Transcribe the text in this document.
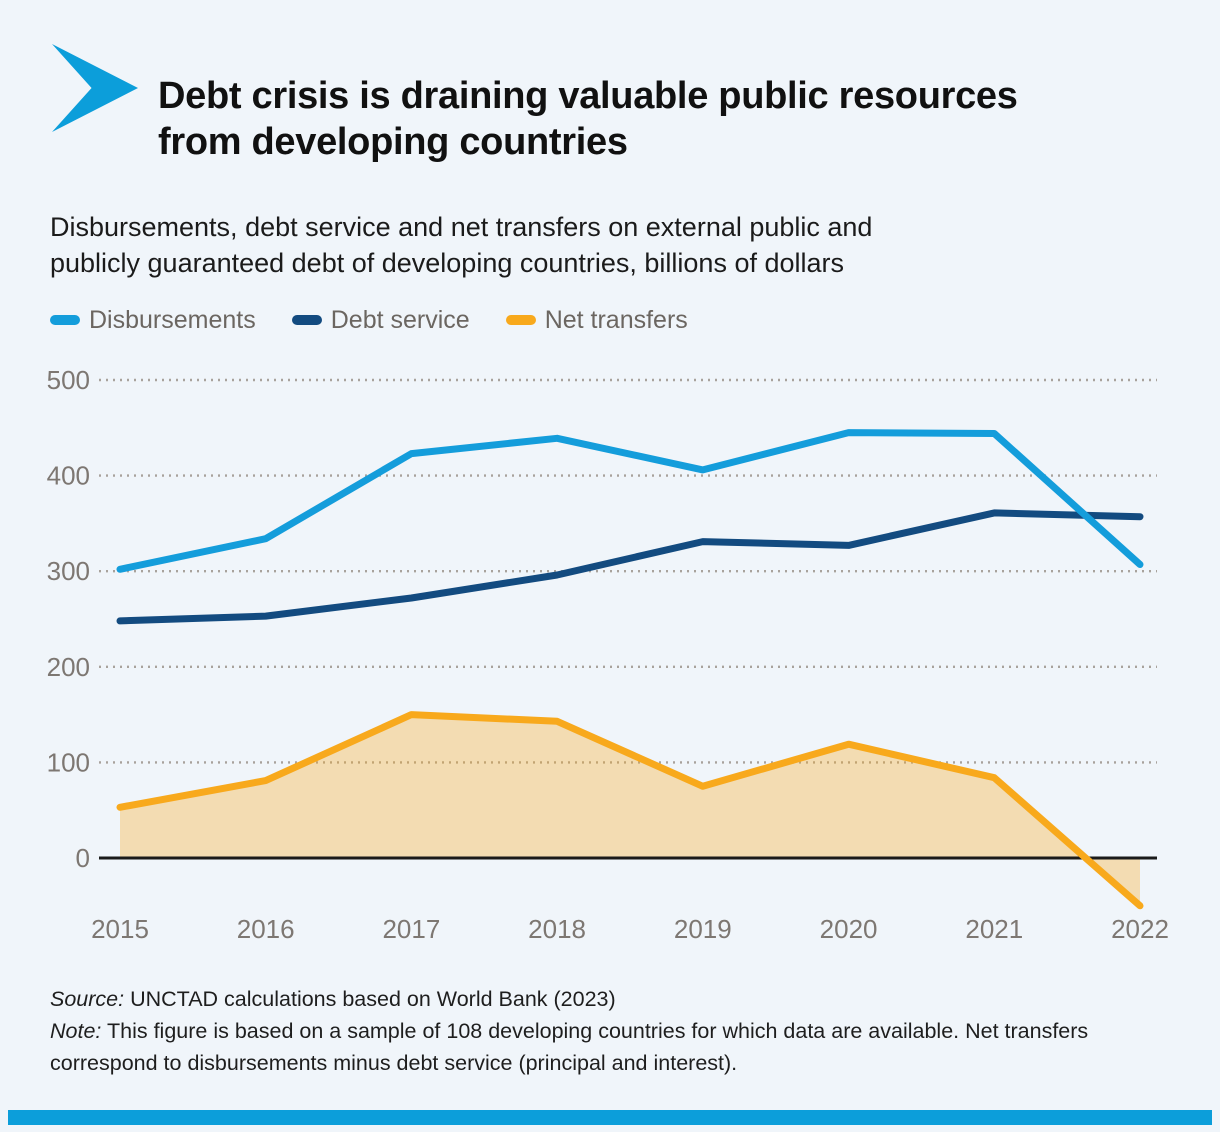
Debt crisis is draining valuable public resources
from developing countries

Disbursements, debt service and net transfers on external public and
publicly guaranteed debt of developing countries, billions of dollars

Disbursements	Debt service	Net transfers
500
400
300
200
100
0
2015	2016	2017	2018	2019	2020	2021	2022
Source: UNCTAD calculations based on World Bank (2023)
Note: This figure is based on a sample of 108 developing countries for which data are available. Net transfers correspond to disbursements minus debt service (principal and interest).
